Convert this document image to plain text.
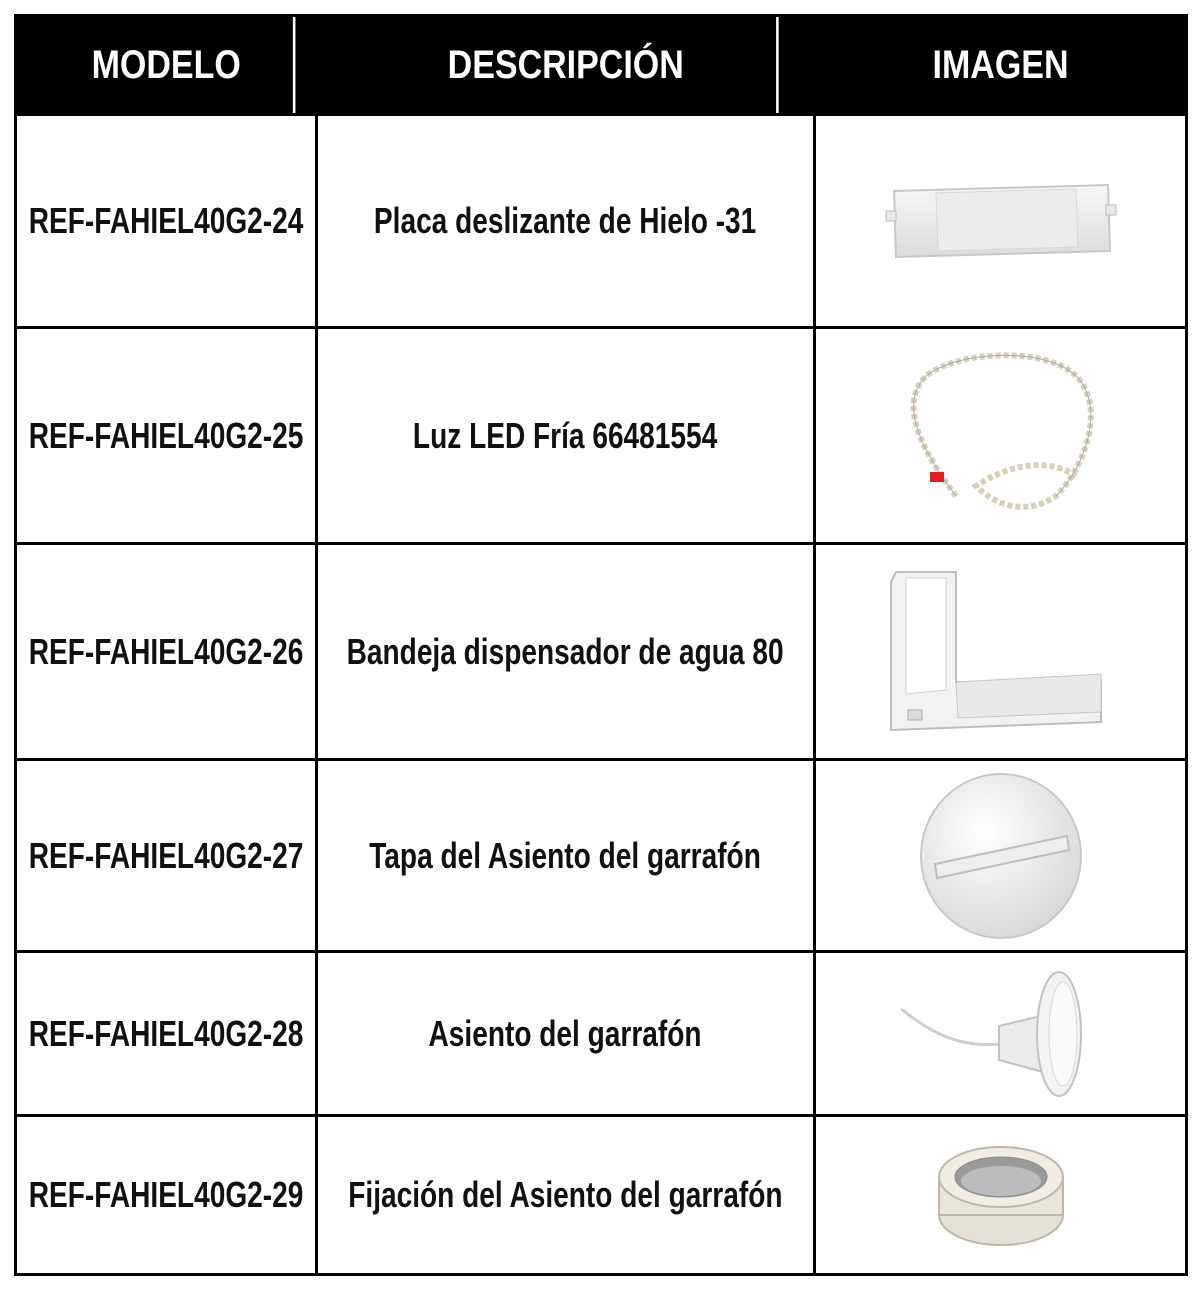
MODELO	DESCRIPCIÓN	IMAGEN
REF-FAHIEL40G2-24 Placa deslizante de Hielo -31
REF-FAHIEL40G2-25	Luz LED Fría 66481554
REF-FAHIEL40G2-26 Bandeja dispensador de agua 80
REF-FAHIEL40G2-27 Tapa del Asiento del garrafón
REF-FAHIEL40G2-28	Asiento del garrafón
REF-FAHIEL40G2-29 Fijación del Asiento del garrafón
